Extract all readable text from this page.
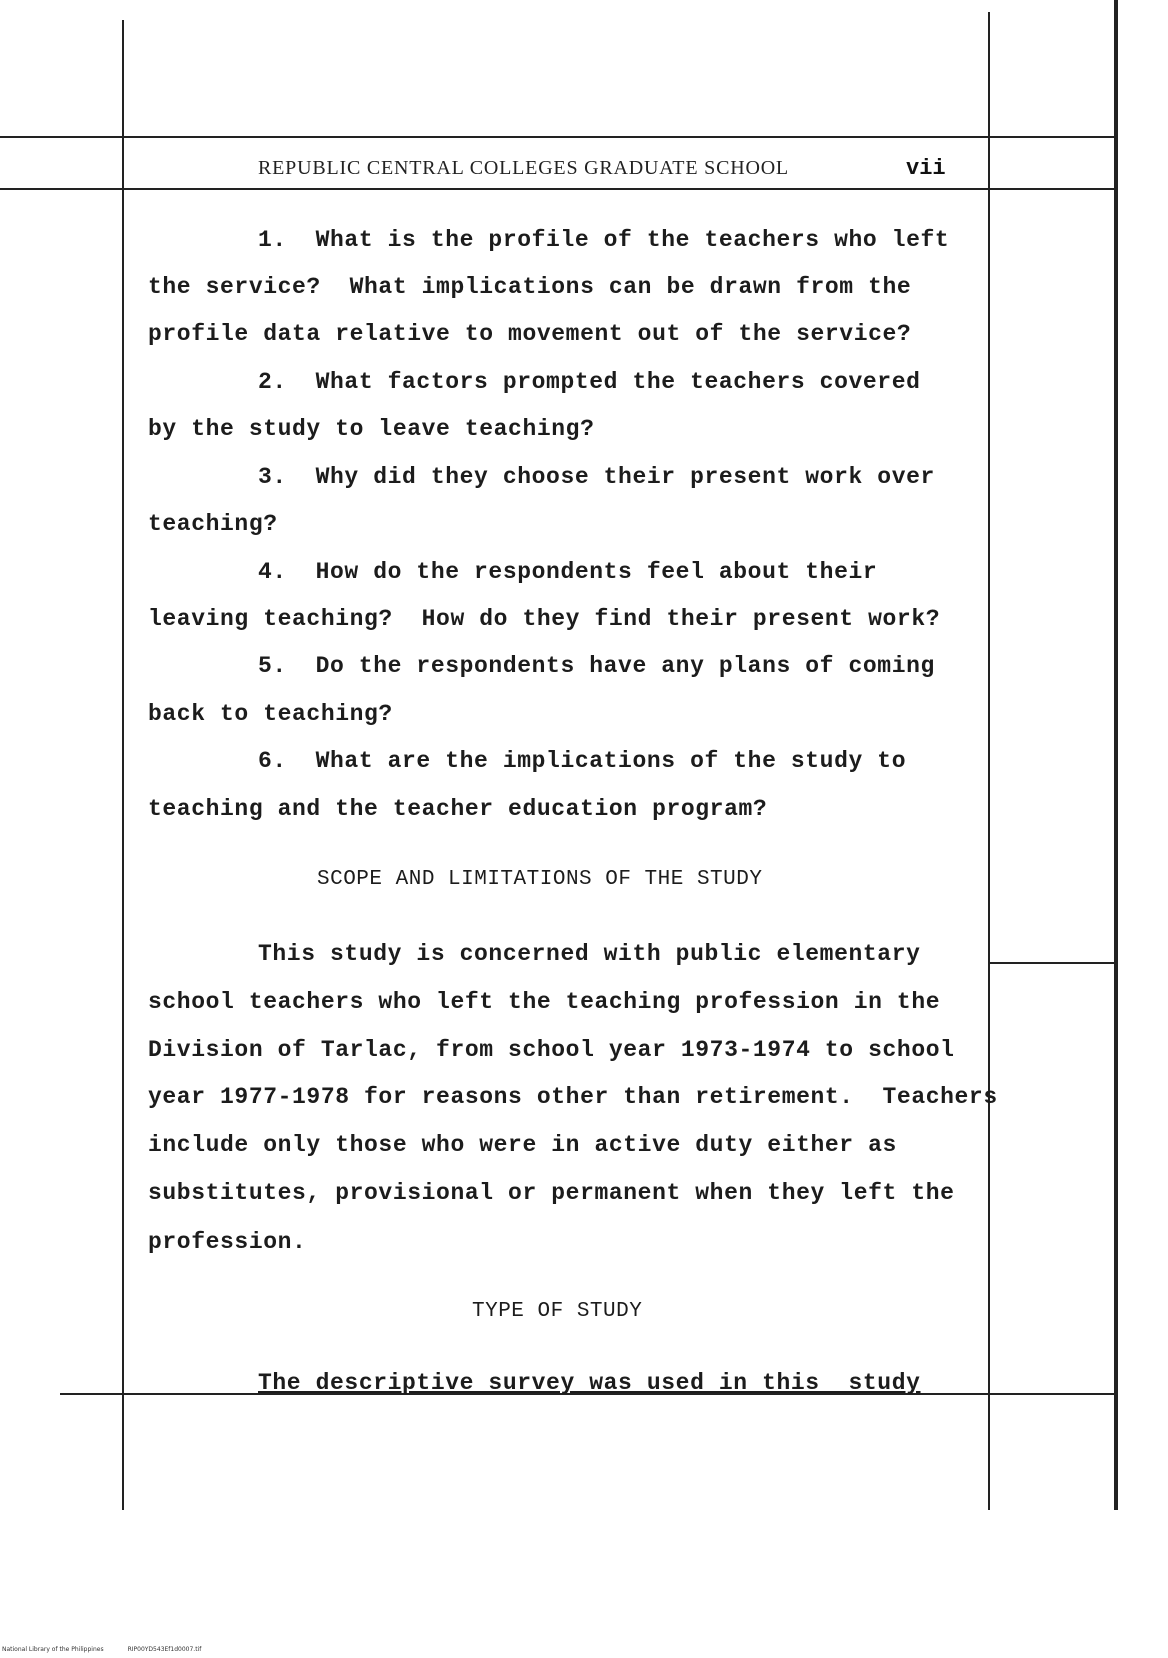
REPUBLIC CENTRAL COLLEGES GRADUATE SCHOOL	vii

1.  What is the profile of the teachers who left

the service?  What implications can be drawn from the

profile data relative to movement out of the service?

2.  What factors prompted the teachers covered

by the study to leave teaching?

3.  Why did they choose their present work over

teaching?

4.  How do the respondents feel about their

leaving teaching?  How do they find their present work?

5.  Do the respondents have any plans of coming

back to teaching?

6.  What are the implications of the study to

teaching and the teacher education program?

SCOPE AND LIMITATIONS OF THE STUDY

This study is concerned with public elementary

school teachers who left the teaching profession in the

Division of Tarlac, from school year 1973-1974 to school

year 1977-1978 for reasons other than retirement.  Teachers

include only those who were in active duty either as

substitutes, provisional or permanent when they left the

profession.

TYPE OF STUDY

The descriptive survey was used in this  study

National Library of the Philippines	RIP00YD543Ef1d0007.tif
